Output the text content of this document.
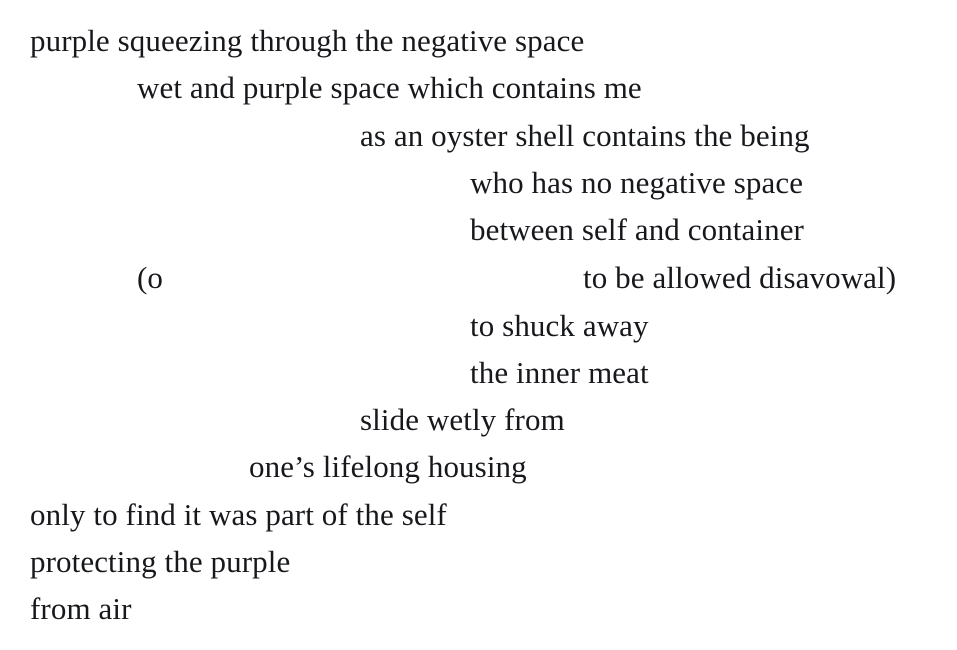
purple squeezing through the negative space
wet and purple space which contains me
as an oyster shell contains the being
who has no negative space
between self and container
(o	to be allowed disavowal)
to shuck away
the inner meat
slide wetly from
one’s lifelong housing
only to find it was part of the self
protecting the purple
from air
